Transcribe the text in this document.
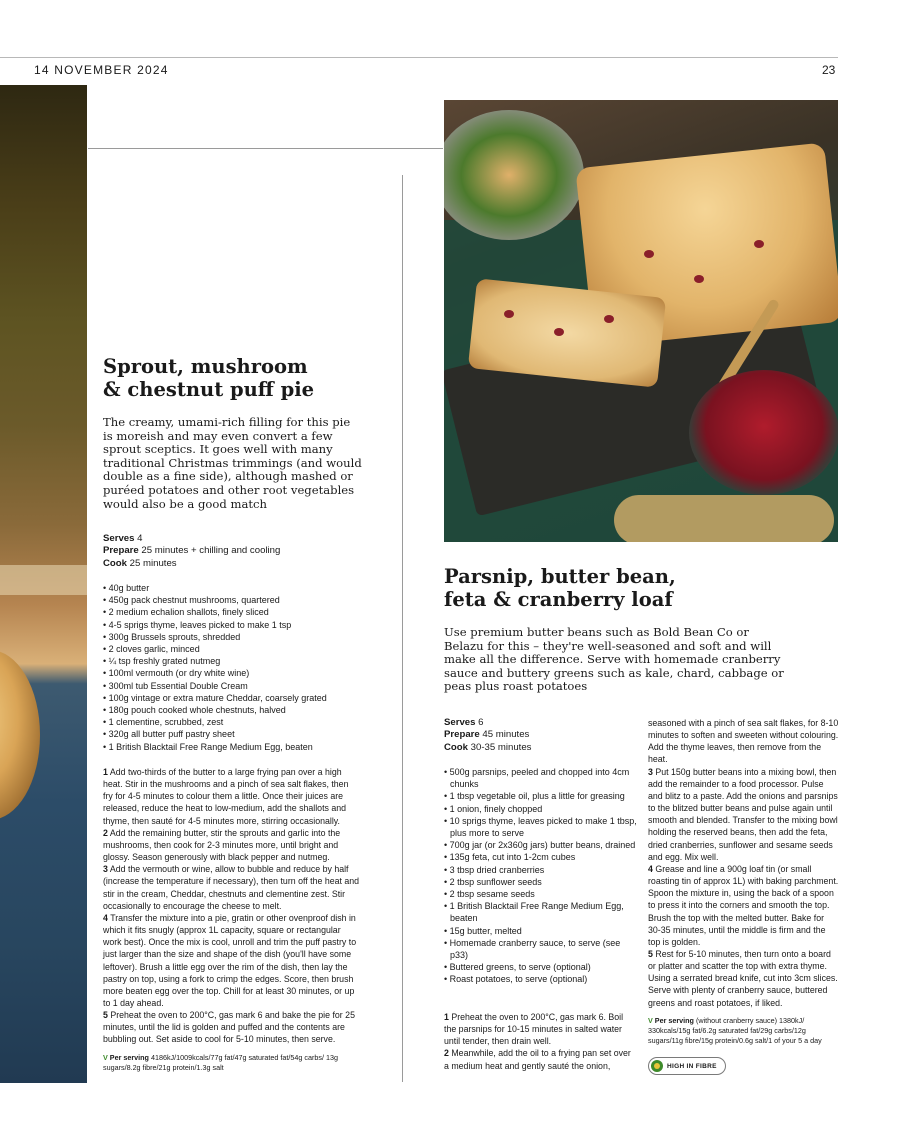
14 NOVEMBER 2024	23
Sprout, mushroom
& chestnut puff pie

The creamy, umami-rich filling for this pie is moreish and may even convert a few sprout sceptics. It goes well with many traditional Christmas trimmings (and would double as a fine side), although mashed or puréed potatoes and other root vegetables would also be a good match

Serves 4
Prepare 25 minutes + chilling and cooling
Cook 25 minutes
• 40g butter
• 450g pack chestnut mushrooms, quartered
• 2 medium echalion shallots, finely sliced
• 4-5 sprigs thyme, leaves picked to make 1 tsp
• 300g Brussels sprouts, shredded
• 2 cloves garlic, minced
• ¼ tsp freshly grated nutmeg
• 100ml vermouth (or dry white wine)
• 300ml tub Essential Double Cream
• 100g vintage or extra mature Cheddar, coarsely grated
• 180g pouch cooked whole chestnuts, halved
• 1 clementine, scrubbed, zest
• 320g all butter puff pastry sheet
• 1 British Blacktail Free Range Medium Egg, beaten

1 Add two-thirds of the butter to a large frying pan over a high heat. Stir in the mushrooms and a pinch of sea salt flakes, then fry for 4-5 minutes to colour them a little. Once their juices are released, reduce the heat to low-medium, add the shallots and thyme, then sauté for 4-5 minutes more, stirring occasionally.

2 Add the remaining butter, stir the sprouts and garlic into the mushrooms, then cook for 2-3 minutes more, until bright and glossy. Season generously with black pepper and nutmeg.

3 Add the vermouth or wine, allow to bubble and reduce by half (increase the temperature if necessary), then turn off the heat and stir in the cream, Cheddar, chestnuts and clementine zest. Stir occasionally to encourage the cheese to melt.

4 Transfer the mixture into a pie, gratin or other ovenproof dish in which it fits snugly (approx 1L capacity, square or rectangular work best). Once the mix is cool, unroll and trim the puff pastry to just larger than the size and shape of the dish (you'll have some leftover). Brush a little egg over the rim of the dish, then lay the pastry on top, using a fork to crimp the edges. Score, then brush more beaten egg over the top. Chill for at least 30 minutes, or up to 1 day ahead.

5 Preheat the oven to 200°C, gas mark 6 and bake the pie for 25 minutes, until the lid is golden and puffed and the contents are bubbling out. Set aside to cool for 5-10 minutes, then serve.

V Per serving 4186kJ/1009kcals/77g fat/47g saturated fat/54g carbs/ 13g sugars/8.2g fibre/21g protein/1.3g salt
Parsnip, butter bean,
feta & cranberry loaf

Use premium butter beans such as Bold Bean Co or Belazu for this – they're well-seasoned and soft and will make all the difference. Serve with homemade cranberry sauce and buttery greens such as kale, chard, cabbage or peas plus roast potatoes

Serves 6
Prepare 45 minutes
Cook 30-35 minutes
• 500g parsnips, peeled and chopped into 4cm chunks
• 1 tbsp vegetable oil, plus a little for greasing
• 1 onion, finely chopped
• 10 sprigs thyme, leaves picked to make 1 tbsp, plus more to serve
• 700g jar (or 2x360g jars) butter beans, drained
• 135g feta, cut into 1-2cm cubes
• 3 tbsp dried cranberries
• 2 tbsp sunflower seeds
• 2 tbsp sesame seeds
• 1 British Blacktail Free Range Medium Egg, beaten
• 15g butter, melted
• Homemade cranberry sauce, to serve (see p33)
• Buttered greens, to serve (optional)
• Roast potatoes, to serve (optional)

1 Preheat the oven to 200°C, gas mark 6. Boil the parsnips for 10-15 minutes in salted water until tender, then drain well.

2 Meanwhile, add the oil to a frying pan set over a medium heat and gently sauté the onion,

seasoned with a pinch of sea salt flakes, for 8-10 minutes to soften and sweeten without colouring. Add the thyme leaves, then remove from the heat.

3 Put 150g butter beans into a mixing bowl, then add the remainder to a food processor. Pulse and blitz to a paste. Add the onions and parsnips to the blitzed butter beans and pulse again until smooth and blended. Transfer to the mixing bowl holding the reserved beans, then add the feta, dried cranberries, sunflower and sesame seeds and egg. Mix well.

4 Grease and line a 900g loaf tin (or small roasting tin of approx 1L) with baking parchment. Spoon the mixture in, using the back of a spoon to press it into the corners and smooth the top. Brush the top with the melted butter. Bake for 30-35 minutes, until the middle is firm and the top is golden.

5 Rest for 5-10 minutes, then turn onto a board or platter and scatter the top with extra thyme. Using a serrated bread knife, cut into 3cm slices. Serve with plenty of cranberry sauce, buttered greens and roast potatoes, if liked.

V Per serving (without cranberry sauce) 1380kJ/ 330kcals/15g fat/6.2g saturated fat/29g carbs/12g sugars/11g fibre/15g protein/0.6g salt/1 of your 5 a day
HIGH IN FIBRE
